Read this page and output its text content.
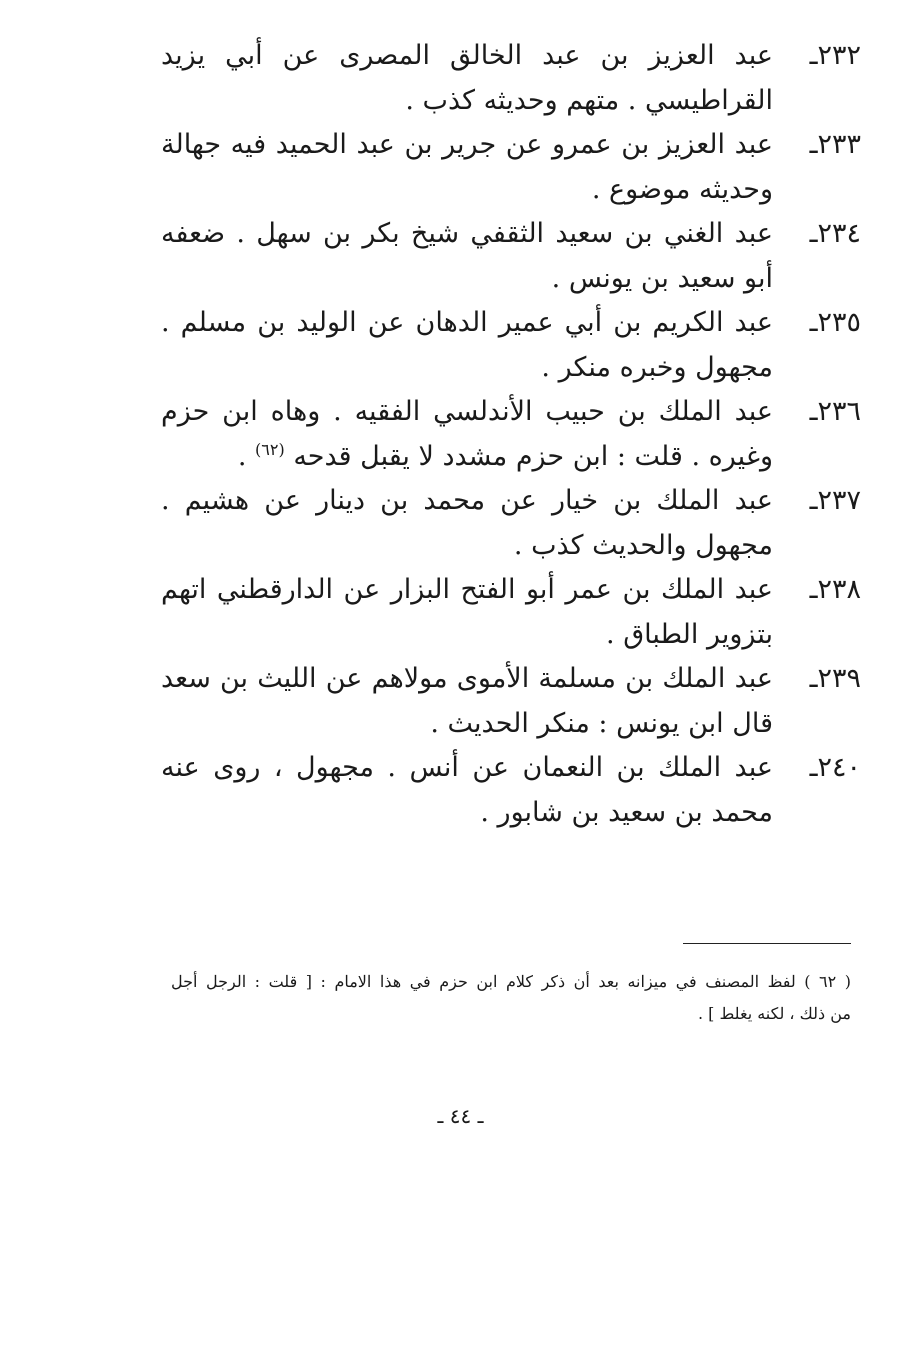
٢٣٢ـعبد العزيز بن عبد الخالق المصرى عن أبي يزيد
القراطيسي . متهم وحديثه كذب .
٢٣٣ـعبد العزيز بن عمرو عن جرير بن عبد الحميد فيه جهالة
وحديثه موضوع .
٢٣٤ـعبد الغني بن سعيد الثقفي شيخ بكر بن سهل . ضعفه
أبو سعيد بن يونس .
٢٣٥ـعبد الكريم بن أبي عمير الدهان عن الوليد بن مسلم .
مجهول وخبره منكر .
٢٣٦ـعبد الملك بن حبيب الأندلسي الفقيه . وهاه ابن حزم
وغيره . قلت : ابن حزم مشدد لا يقبل قدحه $^{(٦٢)}$ .
٢٣٧ـعبد الملك بن خيار عن محمد بن دينار عن هشيم .
مجهول والحديث كذب .
٢٣٨ـعبد الملك بن عمر أبو الفتح البزار عن الدارقطني اتهم
بتزوير الطباق .
٢٣٩ـعبد الملك بن مسلمة الأموى مولاهم عن الليث بن سعد
قال ابن يونس : منكر الحديث .
٢٤٠ـعبد الملك بن النعمان عن أنس . مجهول ، روى عنه
محمد بن سعيد بن شابور .
( ٦٢ ) لفظ المصنف في ميزانه بعد أن ذكر كلام ابن حزم في هذا الامام : [ قلت : الرجل أجل
من ذلك ، لكنه يغلط ] .
ـ ٤٤ ـ
